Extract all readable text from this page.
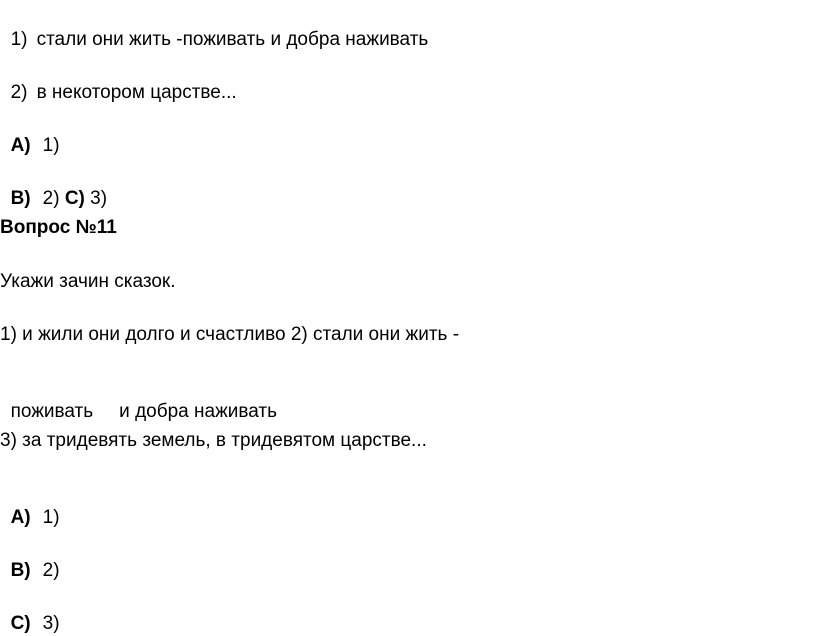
1) стали они жить -поживать и добра наживать

2) в некотором царстве...

А) 1)

В) 2) С) 3)

Вопрос №11
Укажи зачин сказок.
1) и жили они долго и счастливо 2) стали они жить -

поживать и добра наживать

3) за тридевять земель, в тридевятом царстве...

А) 1)

В) 2)

С) 3)
